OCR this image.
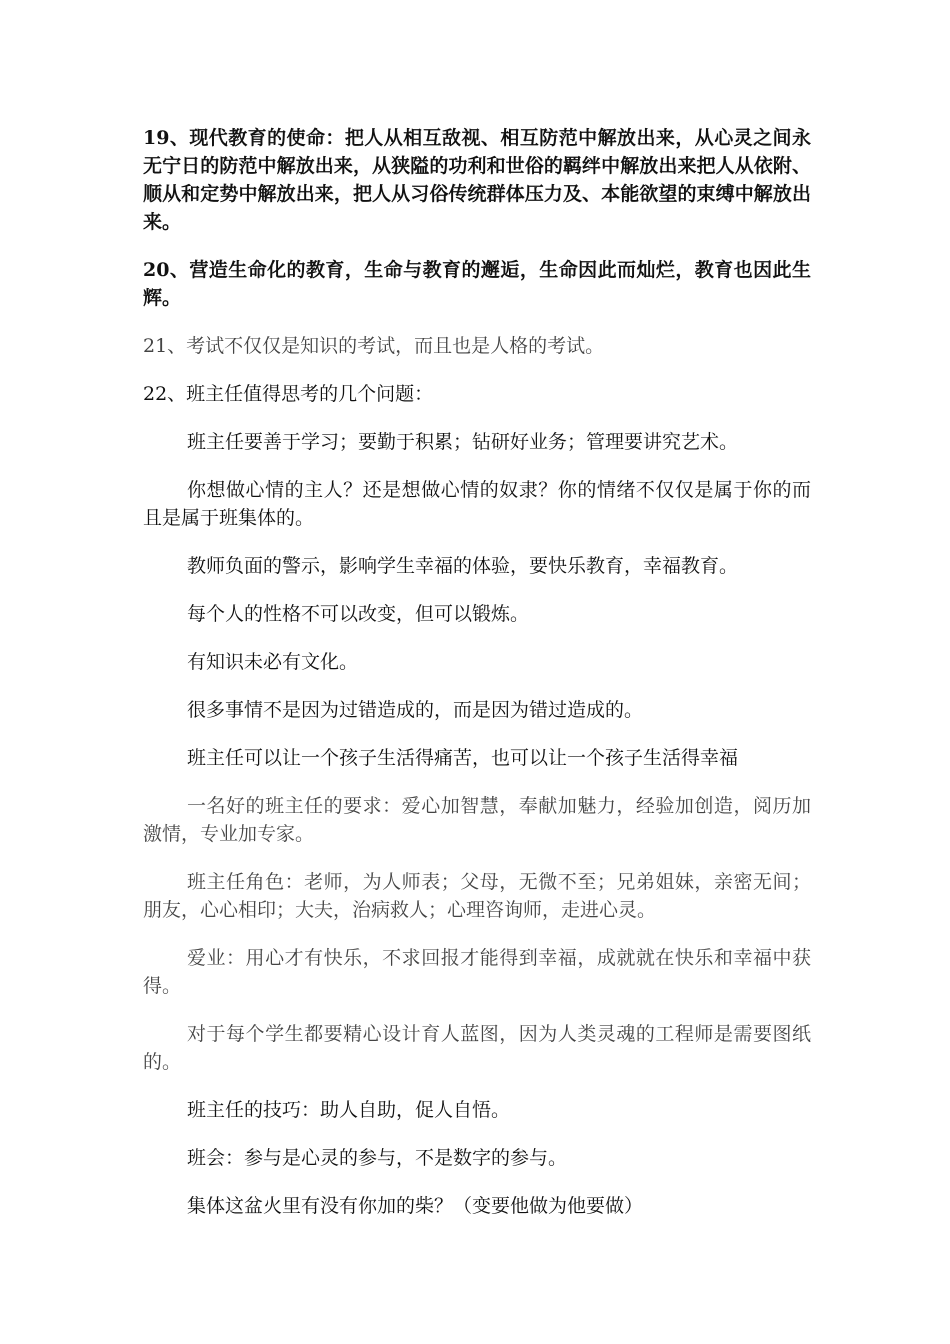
19、现代教育的使命：把人从相互敌视、相互防范中解放出来，从心灵之间永无宁日的防范中解放出来，从狭隘的功利和世俗的羁绊中解放出来把人从依附、顺从和定势中解放出来，把人从习俗传统群体压力及、本能欲望的束缚中解放出来。

20、营造生命化的教育，生命与教育的邂逅，生命因此而灿烂，教育也因此生辉。

21、考试不仅仅是知识的考试，而且也是人格的考试。

22、班主任值得思考的几个问题：

班主任要善于学习；要勤于积累；钻研好业务；管理要讲究艺术。

你想做心情的主人？还是想做心情的奴隶？你的情绪不仅仅是属于你的而且是属于班集体的。

教师负面的警示，影响学生幸福的体验，要快乐教育，幸福教育。

每个人的性格不可以改变，但可以锻炼。

有知识未必有文化。

很多事情不是因为过错造成的，而是因为错过造成的。

班主任可以让一个孩子生活得痛苦，也可以让一个孩子生活得幸福

一名好的班主任的要求：爱心加智慧，奉献加魅力，经验加创造，阅历加激情，专业加专家。

班主任角色：老师，为人师表；父母，无微不至；兄弟姐妹，亲密无间；朋友，心心相印；大夫，治病救人；心理咨询师，走进心灵。

爱业：用心才有快乐，不求回报才能得到幸福，成就就在快乐和幸福中获得。

对于每个学生都要精心设计育人蓝图，因为人类灵魂的工程师是需要图纸的。

班主任的技巧：助人自助，促人自悟。

班会：参与是心灵的参与，不是数字的参与。

集体这盆火里有没有你加的柴？（变要他做为他要做）
